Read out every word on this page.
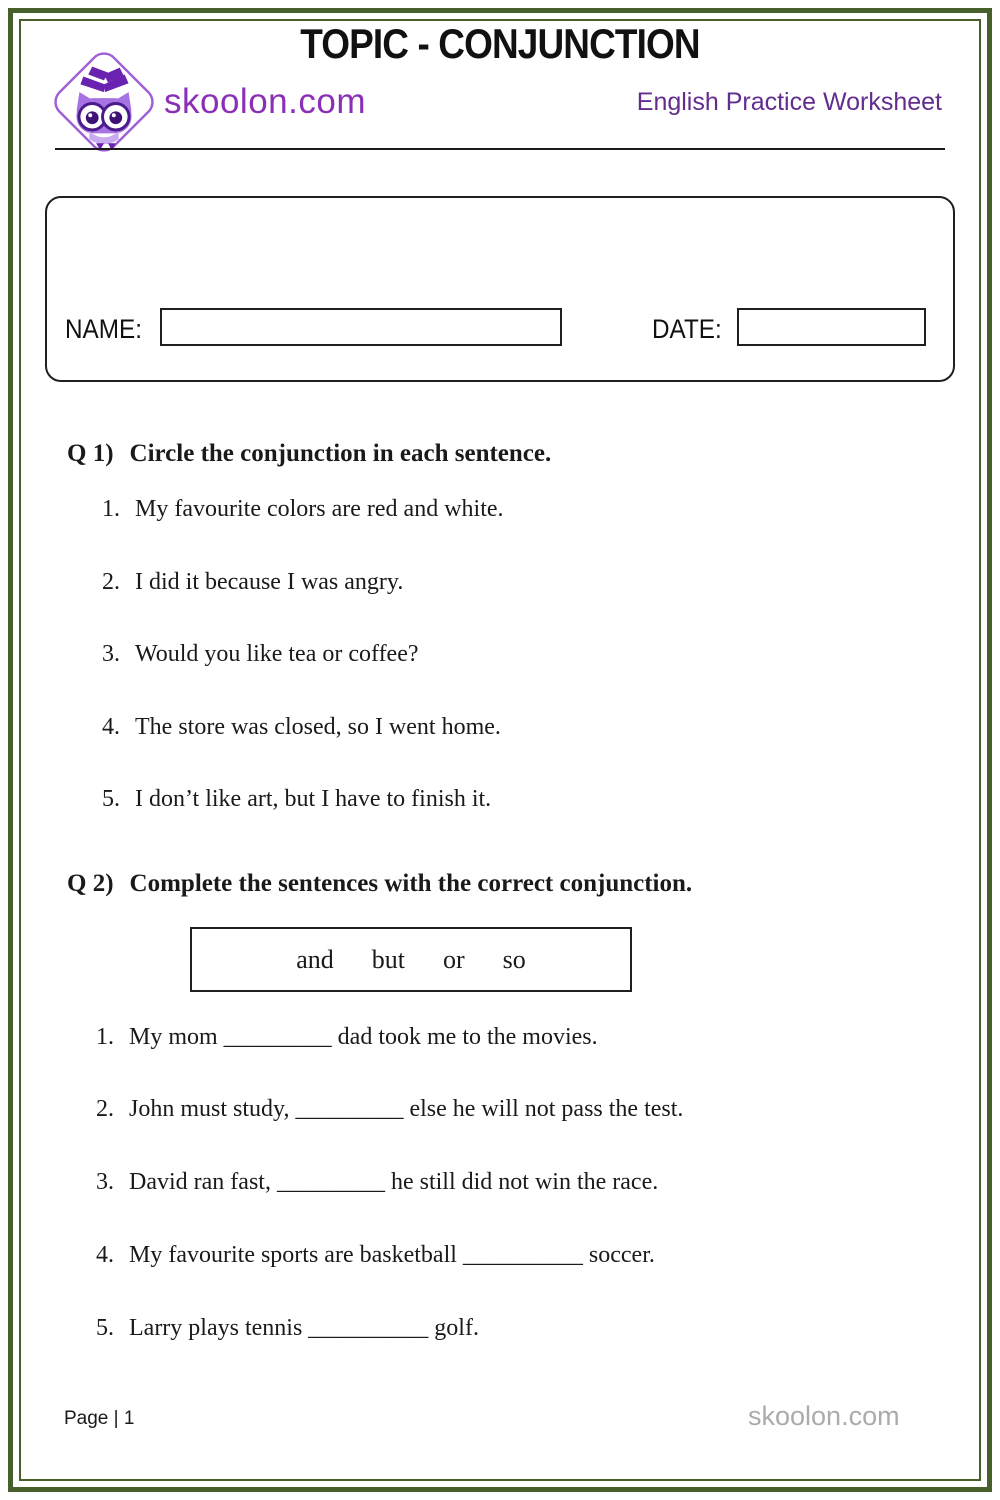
skoolon.com	English Practice Worksheet
TOPIC - CONJUNCTION
NAME:	DATE:
Q 1) Circle the conjunction in each sentence.
1. My favourite colors are red and white.
2. I did it because I was angry.
3. Would you like tea or coffee?
4. The store was closed, so I went home.
5. I don’t like art, but I have to finish it.
Q 2) Complete the sentences with the correct conjunction.
and but or so
1. My mom _________ dad took me to the movies.
2. John must study, _________ else he will not pass the test.
3. David ran fast, _________ he still did not win the race.
4. My favourite sports are basketball __________ soccer.
5. Larry plays tennis __________ golf.
Page | 1	skoolon.com
